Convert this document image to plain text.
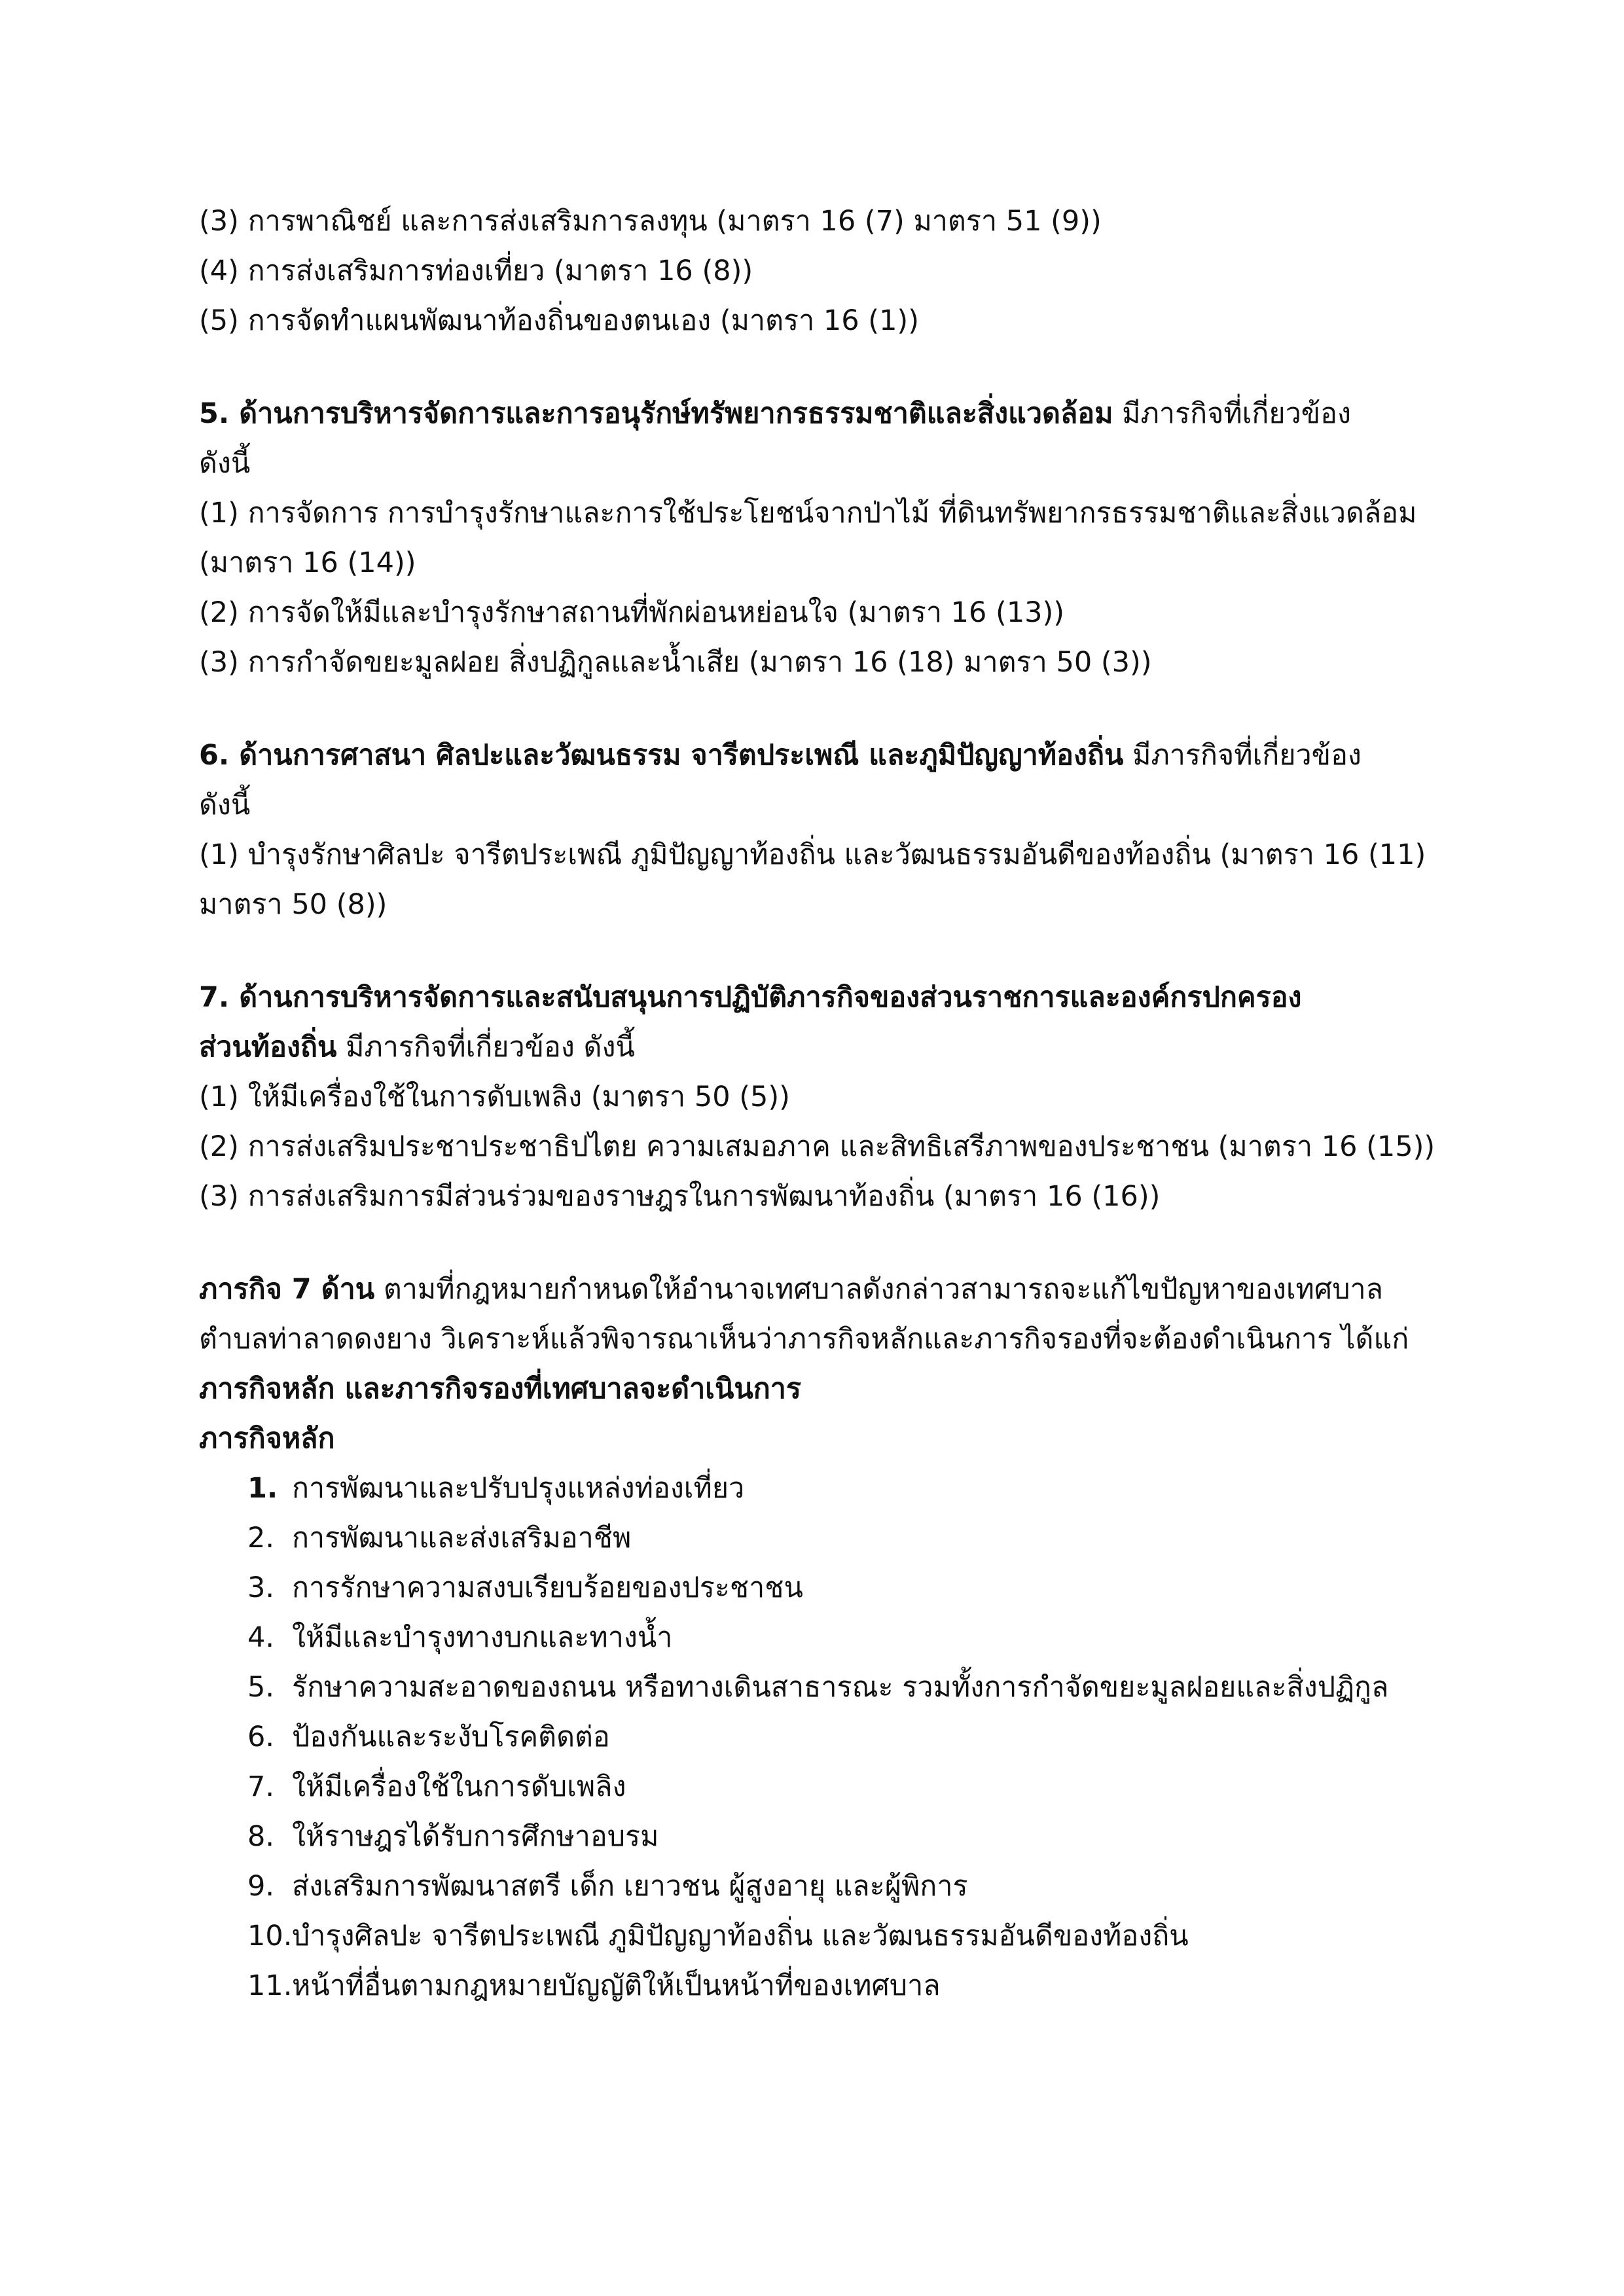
(3) การพาณิชย์ และการส่งเสริมการลงทุน (มาตรา 16 (7) มาตรา 51 (9))
(4) การส่งเสริมการท่องเที่ยว (มาตรา 16 (8))
(5) การจัดทำแผนพัฒนาท้องถิ่นของตนเอง (มาตรา 16 (1))
5. ด้านการบริหารจัดการและการอนุรักษ์ทรัพยากรธรรมชาติและสิ่งแวดล้อม มีภารกิจที่เกี่ยวข้อง
ดังนี้
(1) การจัดการ การบำรุงรักษาและการใช้ประโยชน์จากป่าไม้ ที่ดินทรัพยากรธรรมชาติและสิ่งแวดล้อม
(มาตรา 16 (14))
(2) การจัดให้มีและบำรุงรักษาสถานที่พักผ่อนหย่อนใจ (มาตรา 16 (13))
(3) การกำจัดขยะมูลฝอย สิ่งปฏิกูลและน้ำเสีย (มาตรา 16 (18) มาตรา 50 (3))
6. ด้านการศาสนา ศิลปะและวัฒนธรรม จารีตประเพณี และภูมิปัญญาท้องถิ่น มีภารกิจที่เกี่ยวข้อง
ดังนี้
(1) บำรุงรักษาศิลปะ จารีตประเพณี ภูมิปัญญาท้องถิ่น และวัฒนธรรมอันดีของท้องถิ่น (มาตรา 16 (11)
มาตรา 50 (8))
7. ด้านการบริหารจัดการและสนับสนุนการปฏิบัติภารกิจของส่วนราชการและองค์กรปกครอง
ส่วนท้องถิ่น มีภารกิจที่เกี่ยวข้อง ดังนี้
(1) ให้มีเครื่องใช้ในการดับเพลิง (มาตรา 50 (5))
(2) การส่งเสริมประชาประชาธิปไตย ความเสมอภาค และสิทธิเสรีภาพของประชาชน (มาตรา 16 (15))
(3) การส่งเสริมการมีส่วนร่วมของราษฎรในการพัฒนาท้องถิ่น (มาตรา 16 (16))
ภารกิจ 7 ด้าน ตามที่กฎหมายกำหนดให้อำนาจเทศบาลดังกล่าวสามารถจะแก้ไขปัญหาของเทศบาล
ตำบลท่าลาดดงยาง วิเคราะห์แล้วพิจารณาเห็นว่าภารกิจหลักและภารกิจรองที่จะต้องดำเนินการ ได้แก่
ภารกิจหลัก และภารกิจรองที่เทศบาลจะดำเนินการ
ภารกิจหลัก
1. การพัฒนาและปรับปรุงแหล่งท่องเที่ยว
2. การพัฒนาและส่งเสริมอาชีพ
3. การรักษาความสงบเรียบร้อยของประชาชน
4. ให้มีและบำรุงทางบกและทางน้ำ
5. รักษาความสะอาดของถนน หรือทางเดินสาธารณะ รวมทั้งการกำจัดขยะมูลฝอยและสิ่งปฏิกูล
6. ป้องกันและระงับโรคติดต่อ
7. ให้มีเครื่องใช้ในการดับเพลิง
8. ให้ราษฎรได้รับการศึกษาอบรม
9. ส่งเสริมการพัฒนาสตรี เด็ก เยาวชน ผู้สูงอายุ และผู้พิการ
10. บำรุงศิลปะ จารีตประเพณี ภูมิปัญญาท้องถิ่น และวัฒนธรรมอันดีของท้องถิ่น
11. หน้าที่อื่นตามกฎหมายบัญญัติให้เป็นหน้าที่ของเทศบาล
